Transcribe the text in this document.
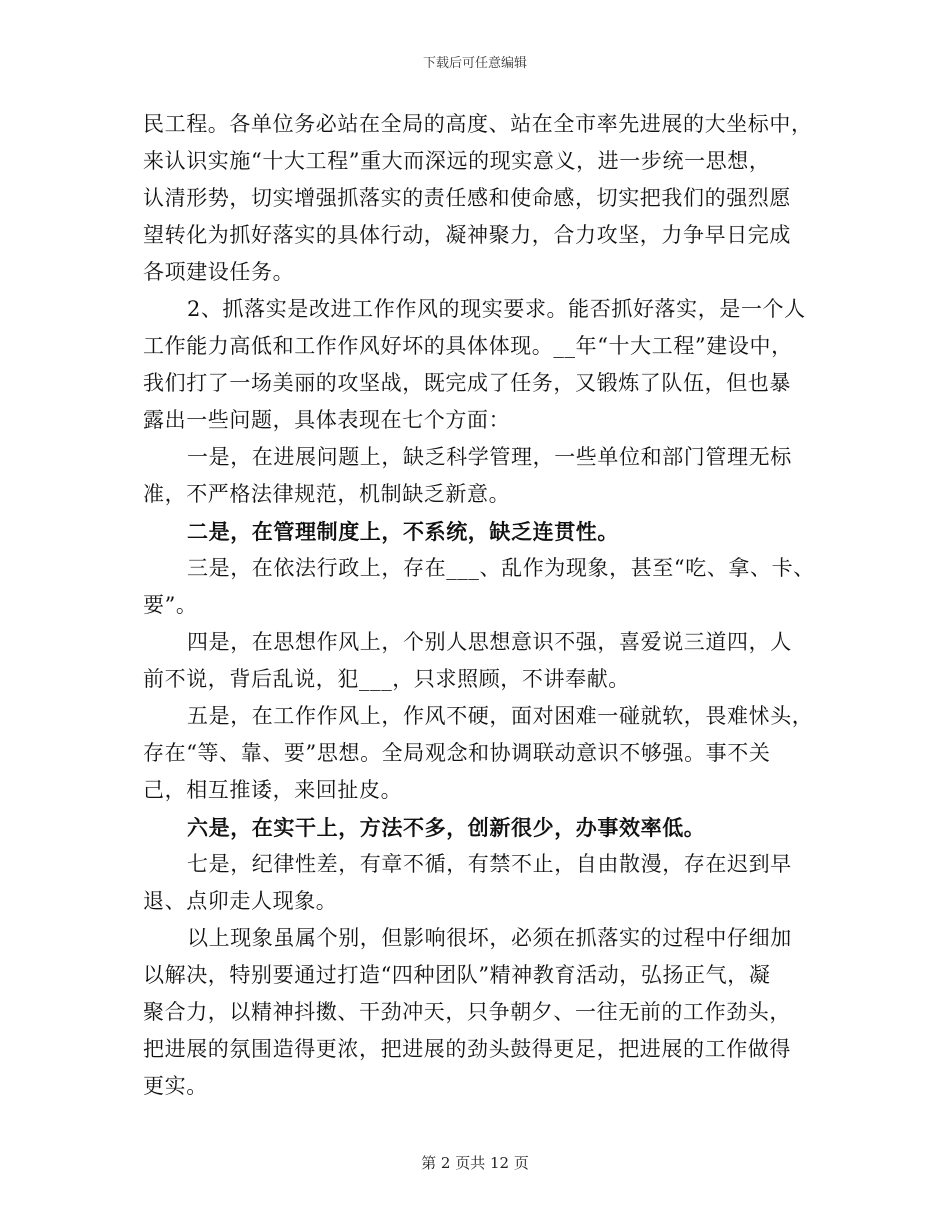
下载后可任意编辑
民工程。各单位务必站在全局的高度、站在全市率先进展的大坐标中，
来认识实施“十大工程”重大而深远的现实意义，进一步统一思想，
认清形势，切实增强抓落实的责任感和使命感，切实把我们的强烈愿
望转化为抓好落实的具体行动，凝神聚力，合力攻坚，力争早日完成
各项建设任务。
2、抓落实是改进工作作风的现实要求。能否抓好落实，是一个人
工作能力高低和工作作风好坏的具体体现。__年“十大工程”建设中，
我们打了一场美丽的攻坚战，既完成了任务，又锻炼了队伍，但也暴
露出一些问题，具体表现在七个方面：
一是，在进展问题上，缺乏科学管理，一些单位和部门管理无标
准，不严格法律规范，机制缺乏新意。
二是，在管理制度上，不系统，缺乏连贯性。
三是，在依法行政上，存在___、乱作为现象，甚至“吃、拿、卡、
要”。
四是，在思想作风上，个别人思想意识不强，喜爱说三道四，人
前不说，背后乱说，犯___，只求照顾，不讲奉献。
五是，在工作作风上，作风不硬，面对困难一碰就软，畏难怵头，
存在“等、靠、要”思想。全局观念和协调联动意识不够强。事不关
己，相互推诿，来回扯皮。
六是，在实干上，方法不多，创新很少，办事效率低。
七是，纪律性差，有章不循，有禁不止，自由散漫，存在迟到早
退、点卯走人现象。
以上现象虽属个别，但影响很坏，必须在抓落实的过程中仔细加
以解决，特别要通过打造“四种团队”精神教育活动，弘扬正气，凝
聚合力，以精神抖擞、干劲冲天，只争朝夕、一往无前的工作劲头，
把进展的氛围造得更浓，把进展的劲头鼓得更足，把进展的工作做得
更实。
第 2 页共 12 页
